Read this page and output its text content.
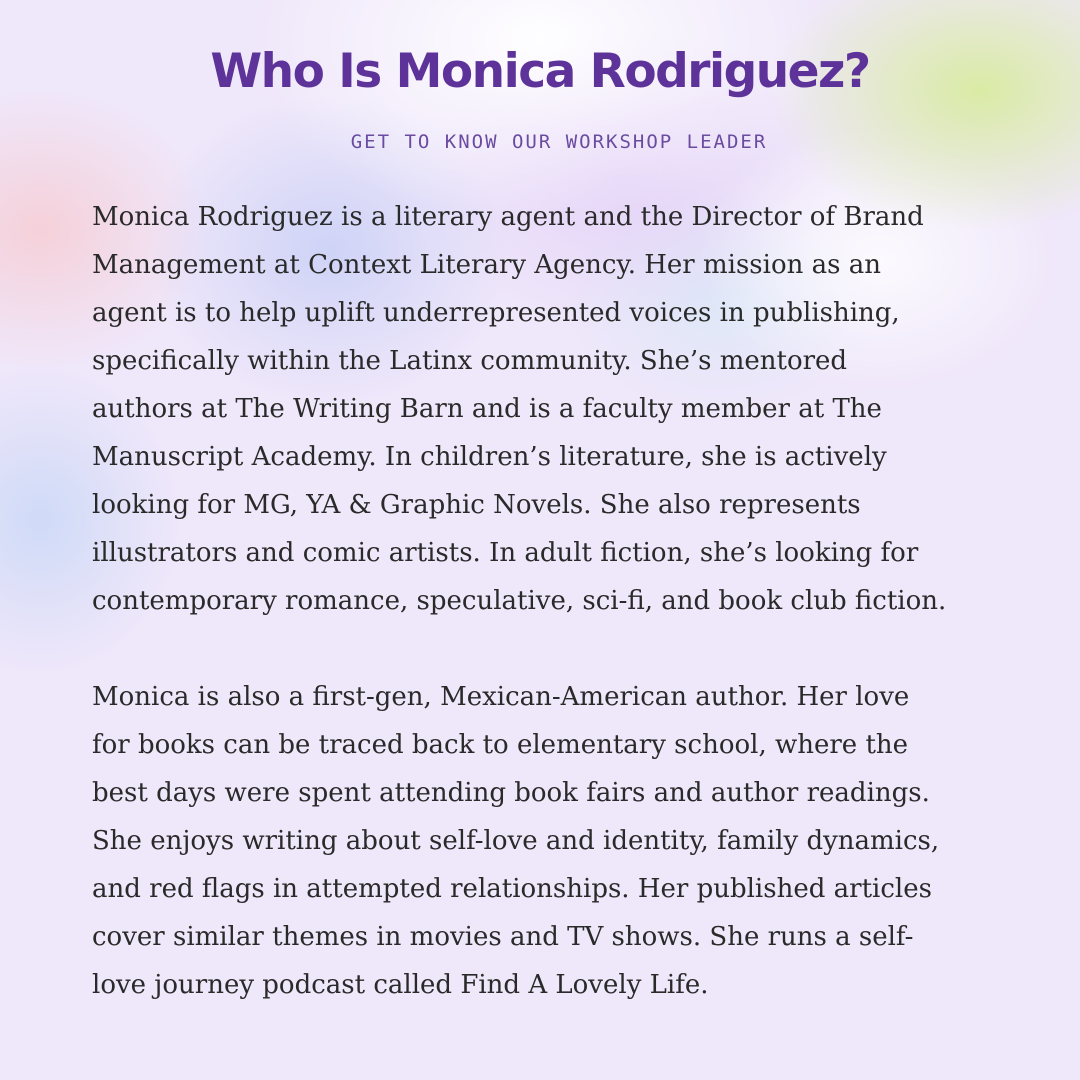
Who Is Monica Rodriguez?

GET TO KNOW OUR WORKSHOP LEADER

Monica Rodriguez is a literary agent and the Director of Brand
Management at Context Literary Agency. Her mission as an
agent is to help uplift underrepresented voices in publishing,
specifically within the Latinx community. She’s mentored
authors at The Writing Barn and is a faculty member at The
Manuscript Academy. In children’s literature, she is actively
looking for MG, YA & Graphic Novels. She also represents
illustrators and comic artists. In adult fiction, she’s looking for
contemporary romance, speculative, sci-fi, and book club fiction.

Monica is also a first-gen, Mexican-American author. Her love
for books can be traced back to elementary school, where the
best days were spent attending book fairs and author readings.
She enjoys writing about self-love and identity, family dynamics,
and red flags in attempted relationships. Her published articles
cover similar themes in movies and TV shows. She runs a self-
love journey podcast called Find A Lovely Life.
